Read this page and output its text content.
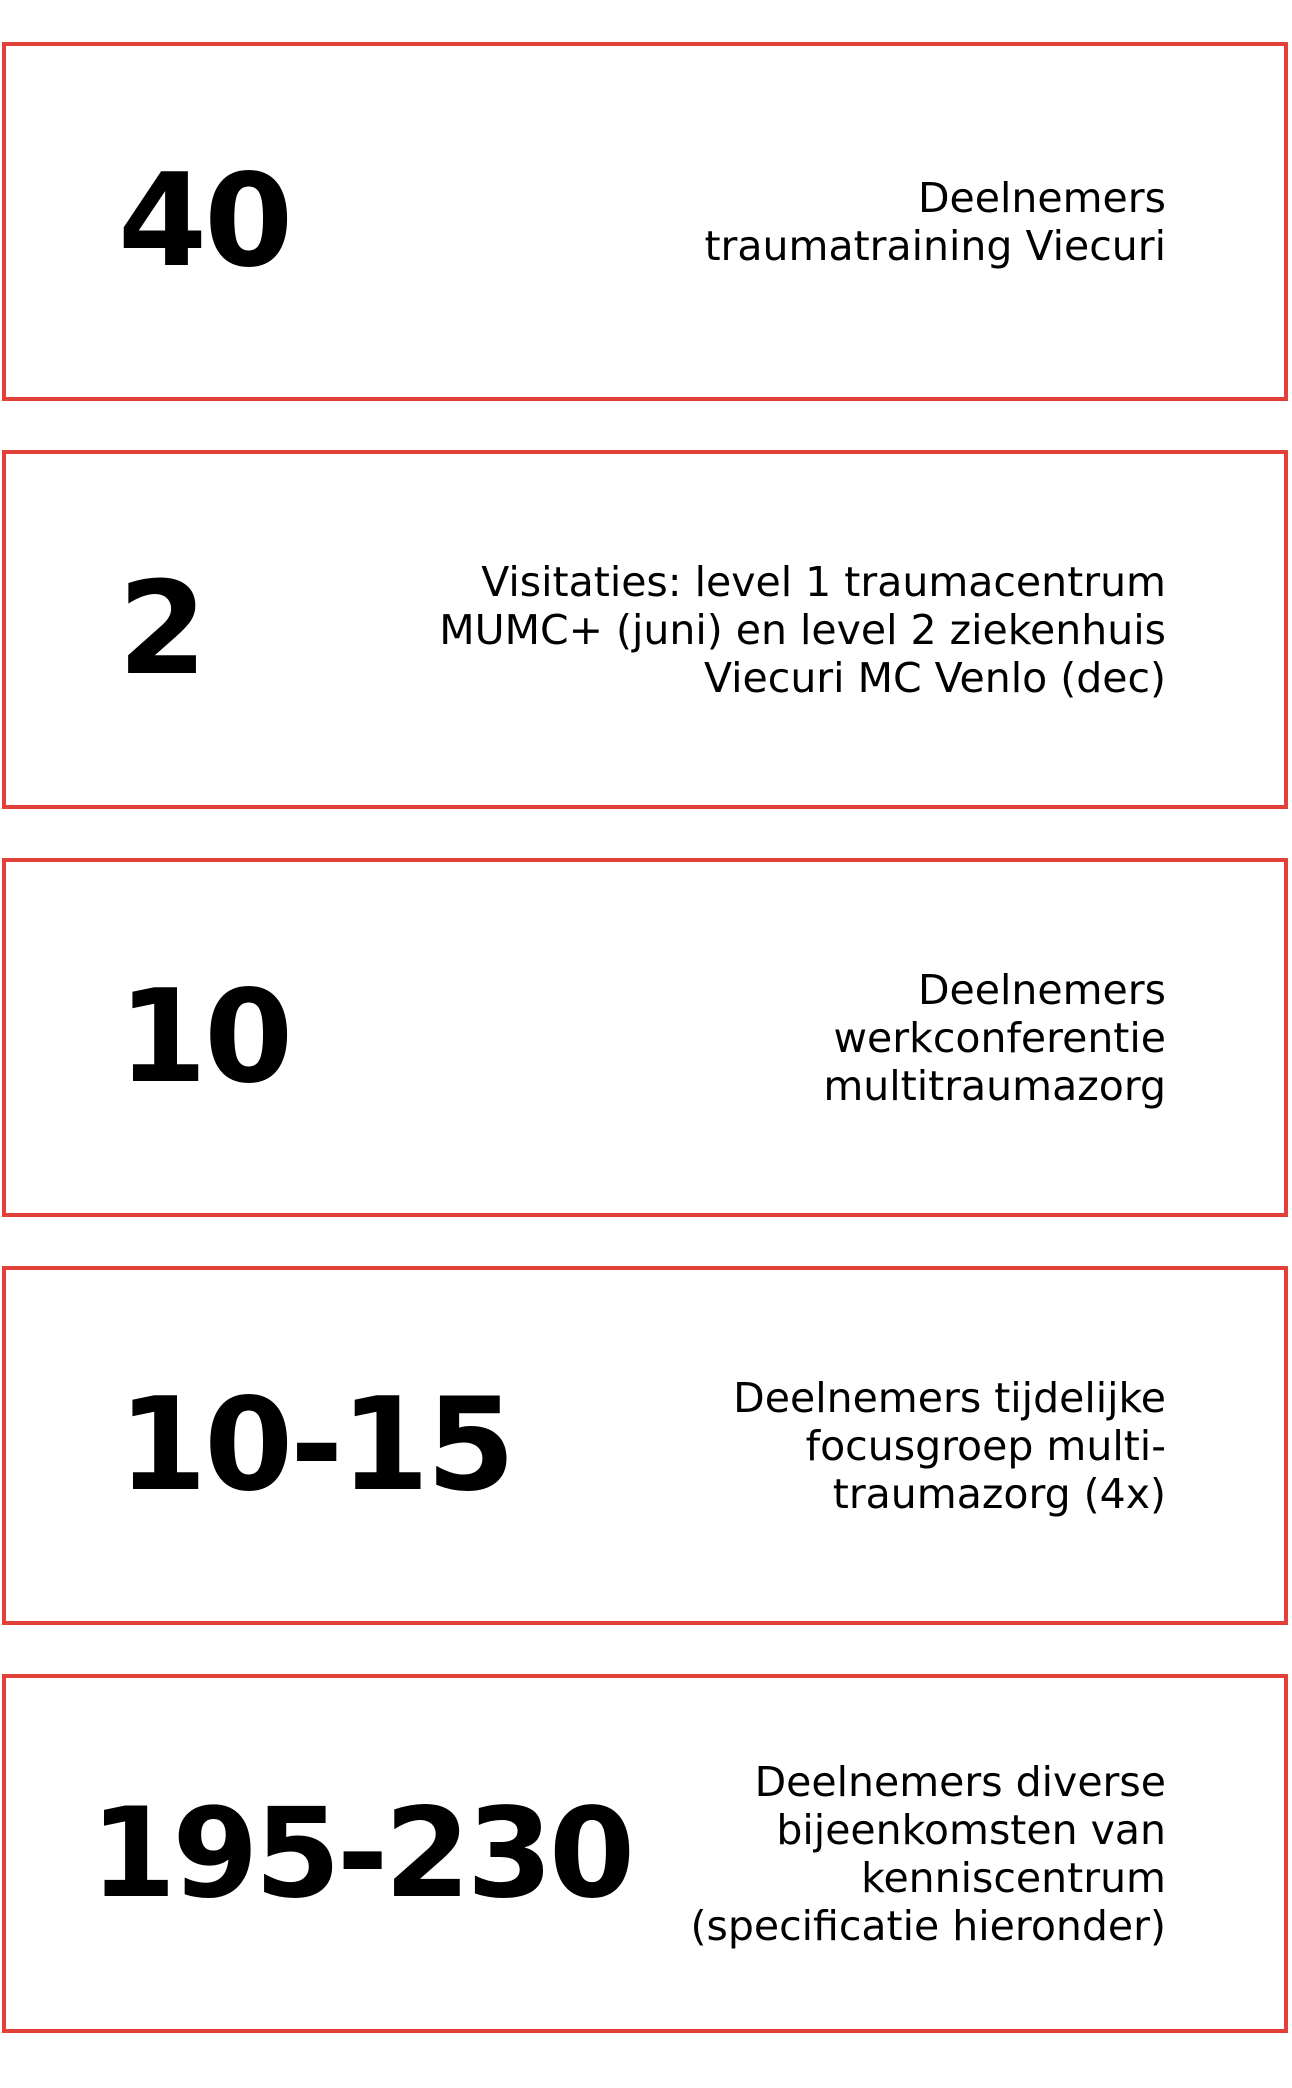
40	Deelnemers
traumatraining Viecuri
2	Visitaties: level 1 traumacentrum
MUMC+ (juni) en level 2 ziekenhuis
Viecuri MC Venlo (dec)
10	Deelnemers
werkconferentie
multitraumazorg
10-15	Deelnemers tijdelijke
focusgroep multi-
traumazorg (4x)
195-230	Deelnemers diverse
bijeenkomsten van
kenniscentrum
(specificatie hieronder)
